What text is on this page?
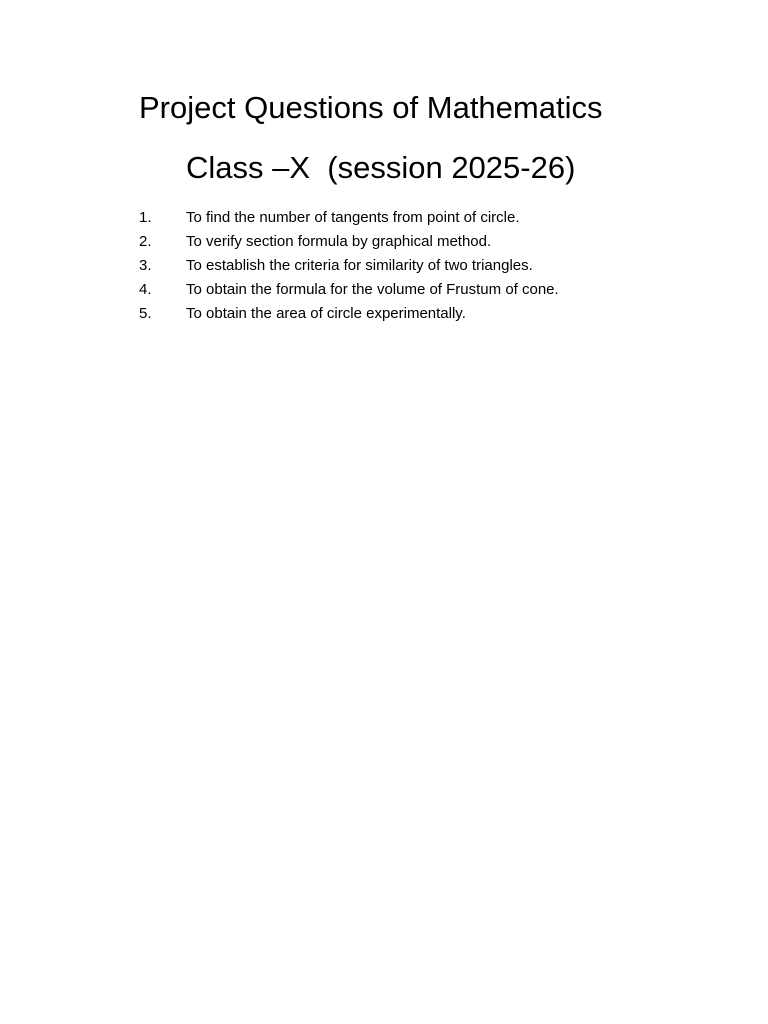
Project Questions of Mathematics
Class –X  (session 2025-26)
1. To find the number of tangents from point of circle.
2. To verify section formula by graphical method.
3. To establish the criteria for similarity of two triangles.
4. To obtain the formula for the volume of Frustum of cone.
5. To obtain the area of circle experimentally.
